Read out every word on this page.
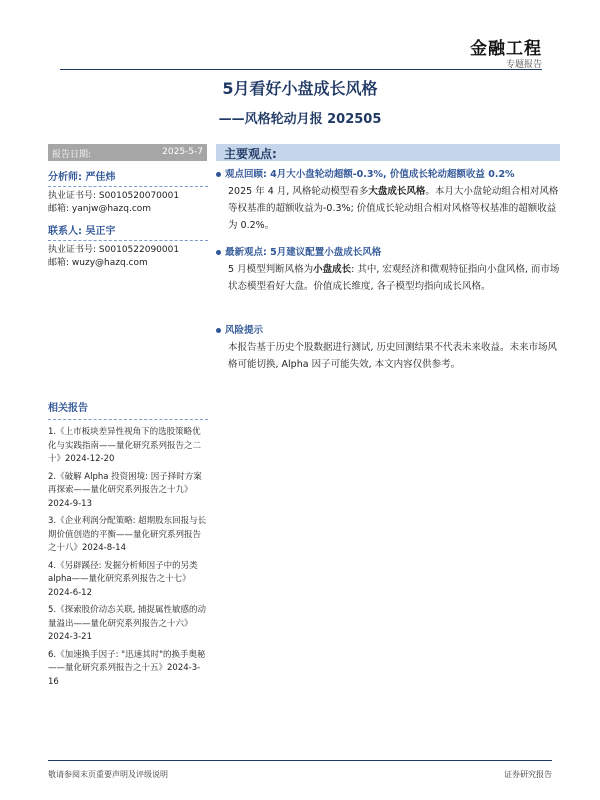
金融工程
专题报告
5月看好小盘成长风格
——风格轮动月报 202505
报告日期:	2025-5-7 主要观点:
分析师: 严佳炜
执业证书号: S0010520070001
邮箱: yanjw@hazq.com
联系人: 吴正宇
执业证书号: S0010522090001
邮箱: wuzy@hazq.com
相关报告
1.《上市板块差异性视角下的选股策略优化与实践指南——量化研究系列报告之二十》2024-12-20
2.《破解 Alpha 投资困境: 因子择时方案再探索——量化研究系列报告之十九》2024-9-13
3.《企业利润分配策略: 超期股东回报与长期价值创造的平衡——量化研究系列报告之十八》2024-8-14
4.《另辟蹊径: 发掘分析师因子中的另类 alpha——量化研究系列报告之十七》2024-6-12
5.《探索股价动态关联, 捕捉属性敏感的动量溢出——量化研究系列报告之十六》2024-3-21
6.《加速换手因子: "迅速其时"的换手奥秘——量化研究系列报告之十五》2024-3-16
观点回顾: 4月大小盘轮动超额-0.3%, 价值成长轮动超额收益 0.2%
2025 年 4 月, 风格轮动模型看多大盘成长风格。本月大小盘轮动组合相对风格等权基准的超额收益为-0.3%; 价值成长轮动组合相对风格等权基准的超额收益为 0.2%。
最新观点: 5月建议配置小盘成长风格
5 月模型判断风格为小盘成长: 其中, 宏观经济和微观特征指向小盘风格, 而市场状态模型看好大盘。价值成长维度, 各子模型均指向成长风格。
风险提示
本报告基于历史个股数据进行测试, 历史回测结果不代表未来收益。未来市场风格可能切换, Alpha 因子可能失效, 本文内容仅供参考。
敬请参阅末页重要声明及评级说明	证券研究报告
